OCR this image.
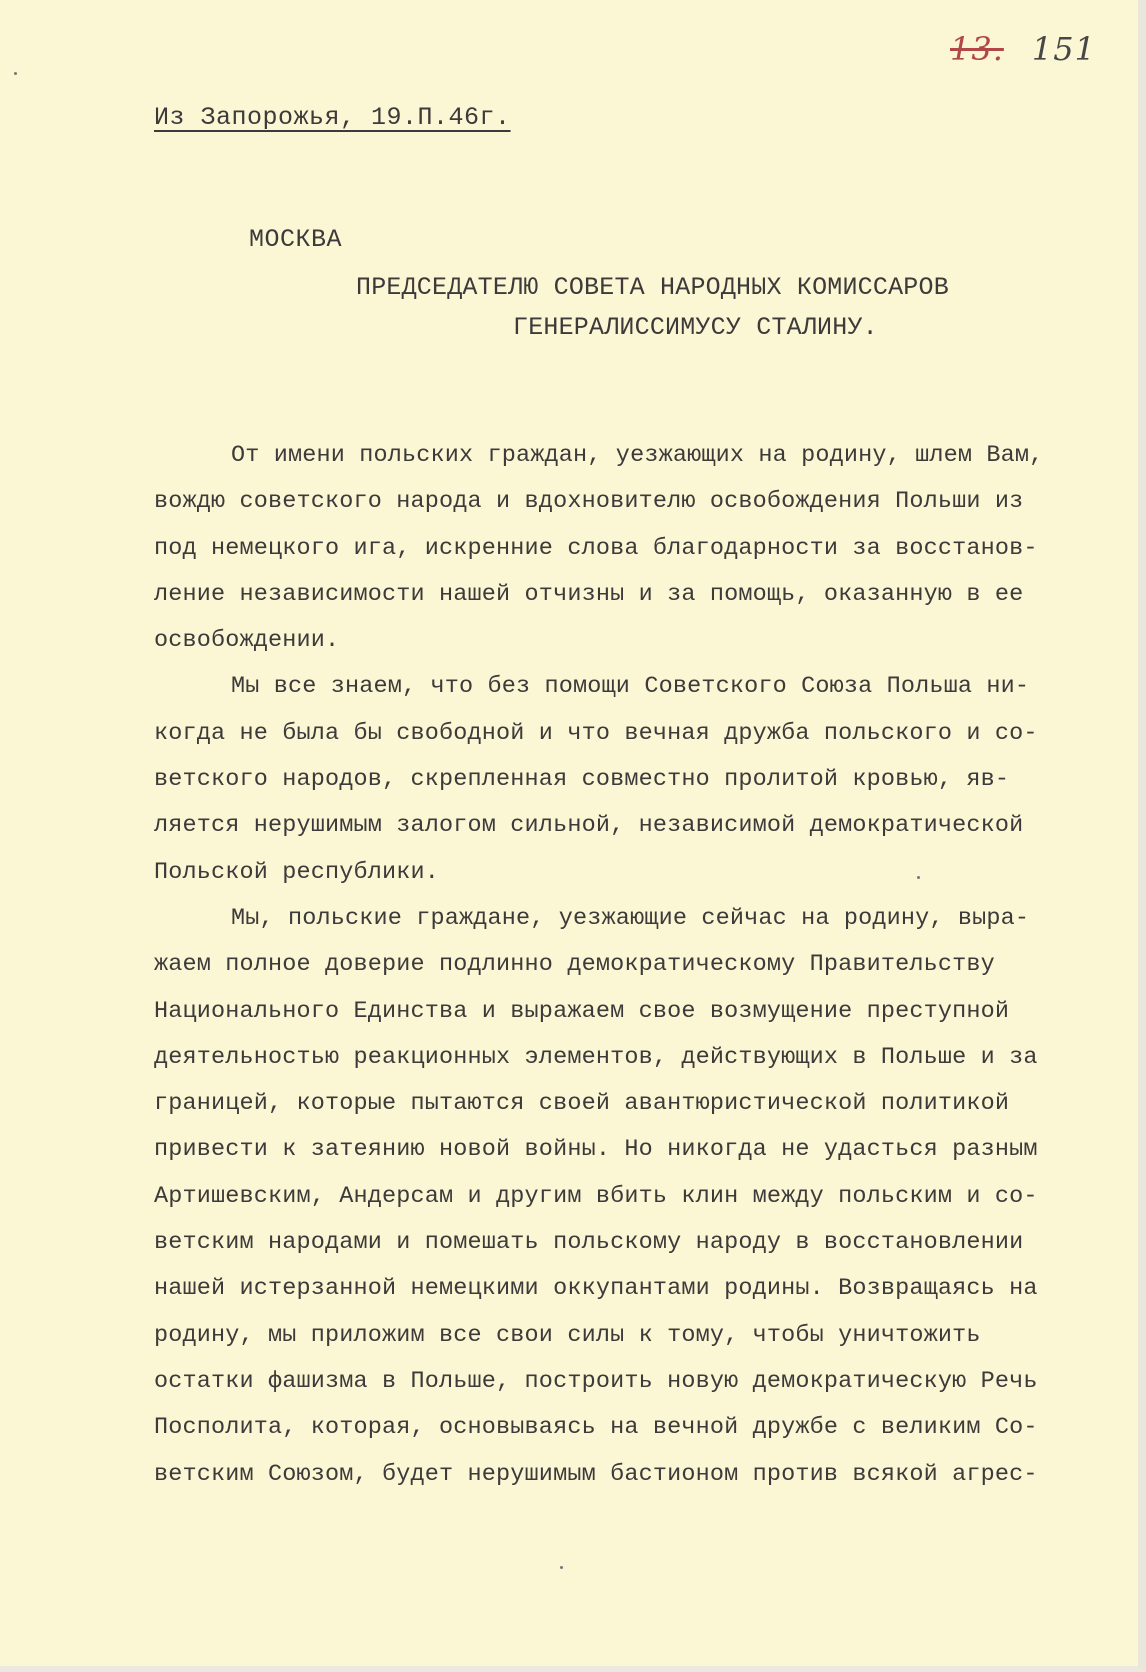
13. 151
Из Запорожья, 19.П.46г.
МОСКВА
ПРЕДСЕДАТЕЛЮ СОВЕТА НАРОДНЫХ КОМИССАРОВ
ГЕНЕРАЛИССИМУСУ СТАЛИНУ.
От имени польских граждан, уезжающих на родину, шлем Вам,
вождю советского народа и вдохновителю освобождения Польши из
под немецкого ига, искренние слова благодарности за восстанов-
ление независимости нашей отчизны и за помощь, оказанную в ее
освобождении.
Мы все знаем, что без помощи Советского Союза Польша ни-
когда не была бы свободной и что вечная дружба польского и со-
ветского народов, скрепленная совместно пролитой кровью, яв-
ляется нерушимым залогом сильной, независимой демократической
Польской республики.
Мы, польские граждане, уезжающие сейчас на родину, выра-
жаем полное доверие подлинно демократическому Правительству
Национального Единства и выражаем свое возмущение преступной
деятельностью реакционных элементов, действующих в Польше и за
границей, которые пытаются своей авантюристической политикой
привести к затеянию новой войны. Но никогда не удасться разным
Артишевским, Андерсам и другим вбить клин между польским и со-
ветским народами и помешать польскому народу в восстановлении
нашей истерзанной немецкими оккупантами родины. Возвращаясь на
родину, мы приложим все свои силы к тому, чтобы уничтожить
остатки фашизма в Польше, построить новую демократическую Речь
Посполита, которая, основываясь на вечной дружбе с великим Со-
ветским Союзом, будет нерушимым бастионом против всякой агрес-
